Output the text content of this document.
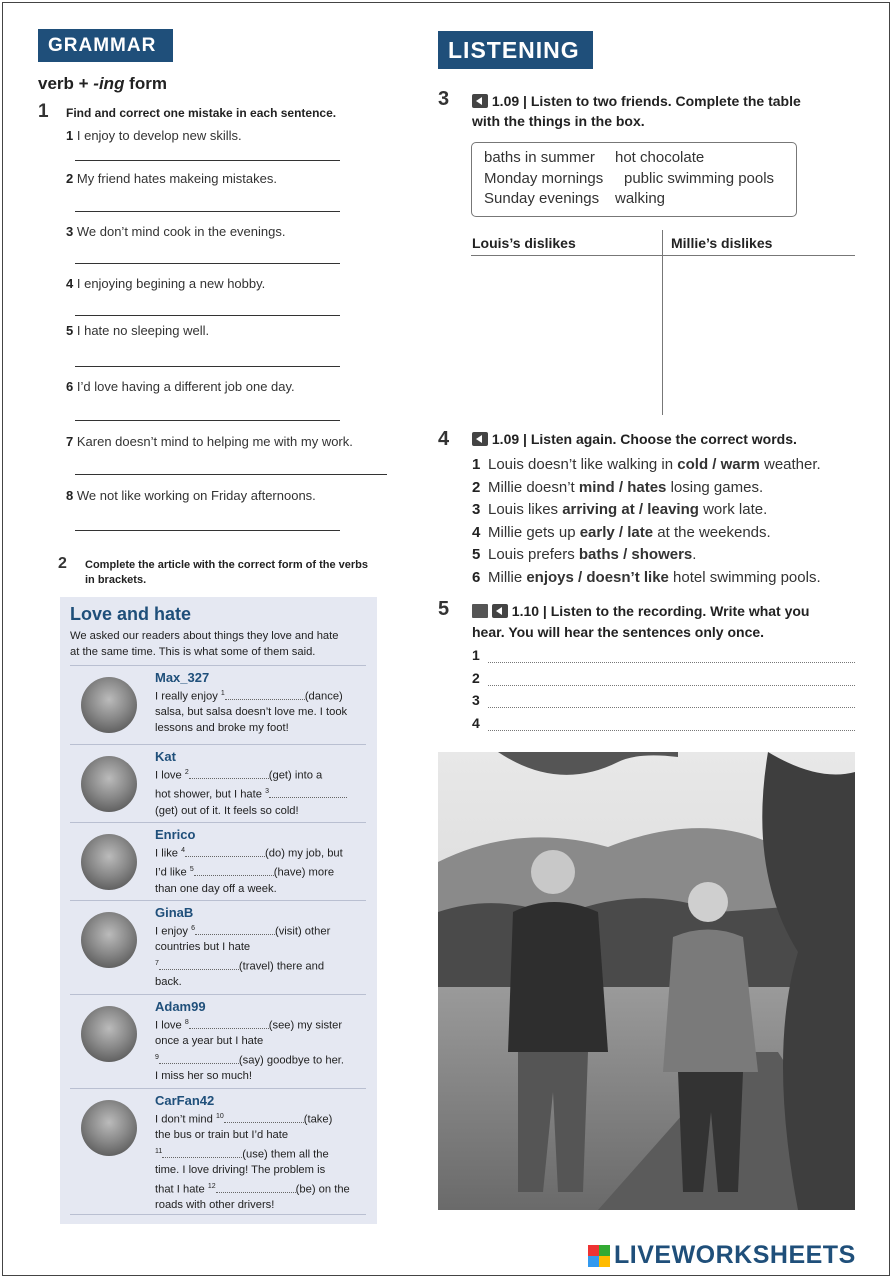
GRAMMAR
verb + -ing form
1 Find and correct one mistake in each sentence.
1 I enjoy to develop new skills.
2 My friend hates makeing mistakes.
3 We don’t mind cook in the evenings.
4 I enjoying begining a new hobby.
5 I hate no sleeping well.
6 I’d love having a different job one day.
7 Karen doesn’t mind to helping me with my work.
8 We not like working on Friday afternoons.
2 Complete the article with the correct form of the verbs
in brackets.
Love and hate
We asked our readers about things they love and hate
at the same time. This is what some of them said.
Max_327
I really enjoy $^1$	(dance)
salsa, but salsa doesn’t love me. I took
lessons and broke my foot!
Kat
I love $^2$	(get) into a
hot shower, but I hate $^3$
(get) out of it. It feels so cold!
Enrico
I like $^4$	(do) my job, but
I’d like $^5$	(have) more
than one day off a week.
GinaB
I enjoy $^6$	(visit) other
countries but I hate
$^7$	(travel) there and
back.
Adam99
I love $^8$	(see) my sister
once a year but I hate
$^9$	(say) goodbye to her.
I miss her so much!
CarFan42
I don’t mind $^{10}$	(take)
the bus or train but I’d hate
$^{11}$	(use) them all the
time. I love driving! The problem is
that I hate $^{12}$	(be) on the
roads with other drivers!
LISTENING
3	1.09 | Listen to two friends. Complete the table
with the things in the box.
baths in summer hot chocolate
Monday mornings public swimming pools
Sunday evenings walking
Louis’s dislikes	Millie’s dislikes
4	1.09 | Listen again. Choose the correct words.
1 Louis doesn’t like walking in cold / warm weather.
2 Millie doesn’t mind / hates losing games.
3 Louis likes arriving at / leaving work late.
4 Millie gets up early / late at the weekends.
5 Louis prefers baths / showers.
6 Millie enjoys / doesn’t like hotel swimming pools.
5	1.10 | Listen to the recording. Write what you
hear. You will hear the sentences only once.
1
2
3
4
LIVEWORKSHEETS
